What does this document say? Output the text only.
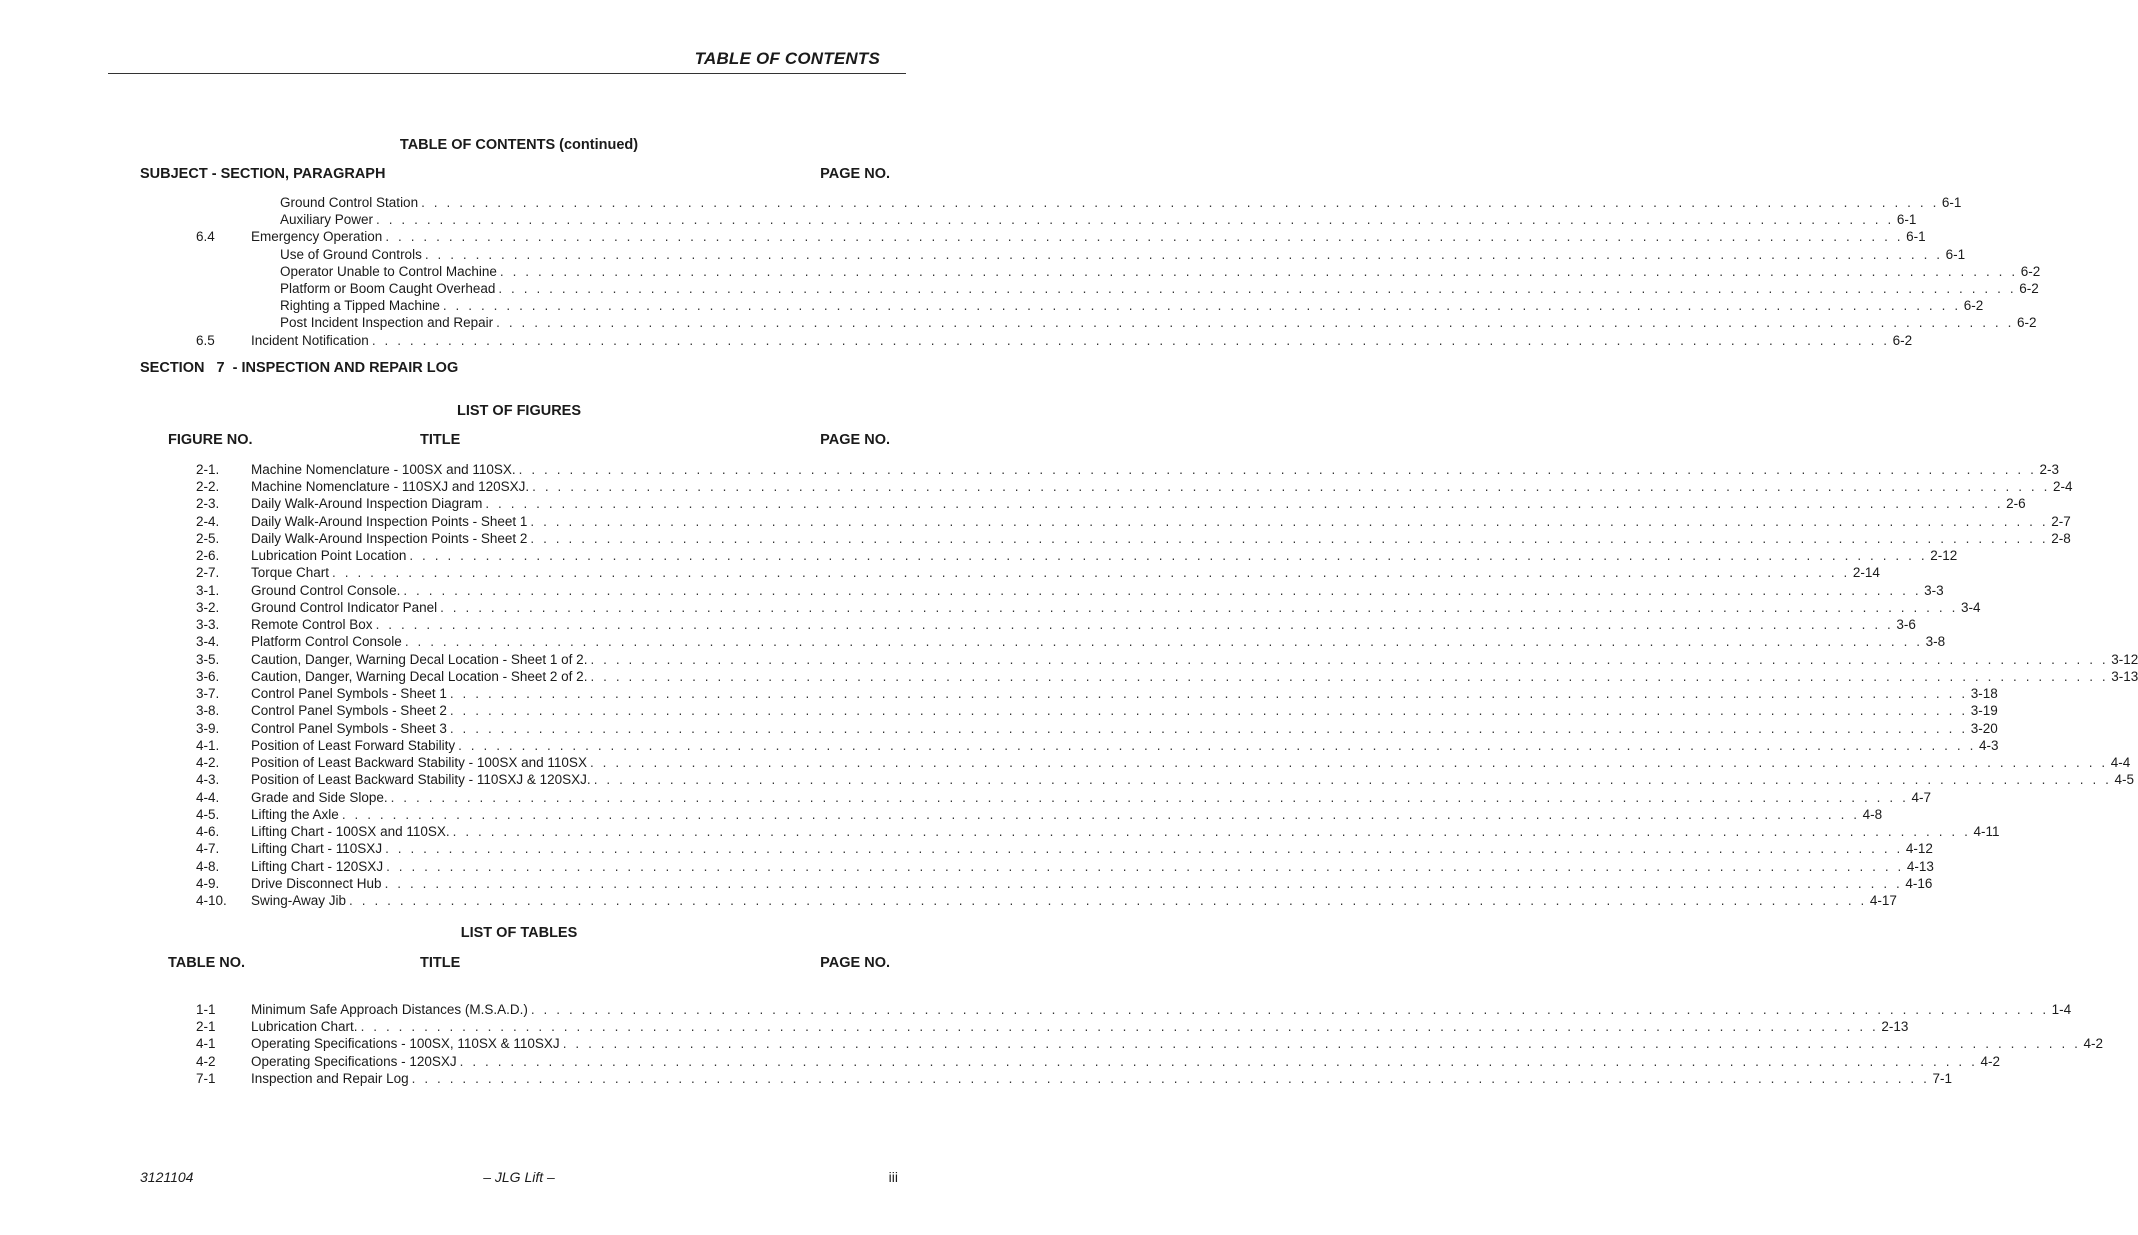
TABLE OF CONTENTS
TABLE OF CONTENTS (continued)
SUBJECT - SECTION, PARAGRAPH	PAGE NO.
Ground Control Station . . . . . . . . . . . . . . . . . . . . . . . . . . . . . . . . . . . . . . . . . . . . . . . . . . . . . . . . . . . . . . . . . . . . . . . . . . . . . . . . . . . . . . . . . . . . . . . . . . . . . . . . . . . . . . . . . . . . . . . . 6-1
Auxiliary Power . . . . . . . . . . . . . . . . . . . . . . . . . . . . . . . . . . . . . . . . . . . . . . . . . . . . . . . . . . . . . . . . . . . . . . . . . . . . . . . . . . . . . . . . . . . . . . . . . . . . . . . . . . . . . . . . . . . . . . . . 6-1
6.4	Emergency Operation . . . . . . . . . . . . . . . . . . . . . . . . . . . . . . . . . . . . . . . . . . . . . . . . . . . . . . . . . . . . . . . . . . . . . . . . . . . . . . . . . . . . . . . . . . . . . . . . . . . . . . . . . . . . . . . . . . . . . . . . 6-1
Use of Ground Controls . . . . . . . . . . . . . . . . . . . . . . . . . . . . . . . . . . . . . . . . . . . . . . . . . . . . . . . . . . . . . . . . . . . . . . . . . . . . . . . . . . . . . . . . . . . . . . . . . . . . . . . . . . . . . . . . . . . . . . . . 6-1
Operator Unable to Control Machine . . . . . . . . . . . . . . . . . . . . . . . . . . . . . . . . . . . . . . . . . . . . . . . . . . . . . . . . . . . . . . . . . . . . . . . . . . . . . . . . . . . . . . . . . . . . . . . . . . . . . . . . . . . . . . . . . . . . . . . . 6-2
Platform or Boom Caught Overhead . . . . . . . . . . . . . . . . . . . . . . . . . . . . . . . . . . . . . . . . . . . . . . . . . . . . . . . . . . . . . . . . . . . . . . . . . . . . . . . . . . . . . . . . . . . . . . . . . . . . . . . . . . . . . . . . . . . . . . . . 6-2
Righting a Tipped Machine . . . . . . . . . . . . . . . . . . . . . . . . . . . . . . . . . . . . . . . . . . . . . . . . . . . . . . . . . . . . . . . . . . . . . . . . . . . . . . . . . . . . . . . . . . . . . . . . . . . . . . . . . . . . . . . . . . . . . . . . 6-2
Post Incident Inspection and Repair . . . . . . . . . . . . . . . . . . . . . . . . . . . . . . . . . . . . . . . . . . . . . . . . . . . . . . . . . . . . . . . . . . . . . . . . . . . . . . . . . . . . . . . . . . . . . . . . . . . . . . . . . . . . . . . . . . . . . . . . 6-2
6.5	Incident Notification . . . . . . . . . . . . . . . . . . . . . . . . . . . . . . . . . . . . . . . . . . . . . . . . . . . . . . . . . . . . . . . . . . . . . . . . . . . . . . . . . . . . . . . . . . . . . . . . . . . . . . . . . . . . . . . . . . . . . . . . 6-2
SECTION   7  - INSPECTION AND REPAIR LOG
LIST OF FIGURES
FIGURE NO.	TITLE	PAGE NO.
2-1. Machine Nomenclature - 100SX and 110SX. . . . . . . . . . . . . . . . . . . . . . . . . . . . . . . . . . . . . . . . . . . . . . . . . . . . . . . . . . . . . . . . . . . . . . . . . . . . . . . . . . . . . . . . . . . . . . . . . . . . . . . . . . . . . . . . . . . . . . . . . 2-3
2-2. Machine Nomenclature - 110SXJ and 120SXJ. . . . . . . . . . . . . . . . . . . . . . . . . . . . . . . . . . . . . . . . . . . . . . . . . . . . . . . . . . . . . . . . . . . . . . . . . . . . . . . . . . . . . . . . . . . . . . . . . . . . . . . . . . . . . . . . . . . . . . . . . 2-4
2-3. Daily Walk-Around Inspection Diagram . . . . . . . . . . . . . . . . . . . . . . . . . . . . . . . . . . . . . . . . . . . . . . . . . . . . . . . . . . . . . . . . . . . . . . . . . . . . . . . . . . . . . . . . . . . . . . . . . . . . . . . . . . . . . . . . . . . . . . . . 2-6
2-4. Daily Walk-Around Inspection Points - Sheet 1 . . . . . . . . . . . . . . . . . . . . . . . . . . . . . . . . . . . . . . . . . . . . . . . . . . . . . . . . . . . . . . . . . . . . . . . . . . . . . . . . . . . . . . . . . . . . . . . . . . . . . . . . . . . . . . . . . . . . . . . . 2-7
2-5. Daily Walk-Around Inspection Points - Sheet 2 . . . . . . . . . . . . . . . . . . . . . . . . . . . . . . . . . . . . . . . . . . . . . . . . . . . . . . . . . . . . . . . . . . . . . . . . . . . . . . . . . . . . . . . . . . . . . . . . . . . . . . . . . . . . . . . . . . . . . . . . 2-8
2-6. Lubrication Point Location . . . . . . . . . . . . . . . . . . . . . . . . . . . . . . . . . . . . . . . . . . . . . . . . . . . . . . . . . . . . . . . . . . . . . . . . . . . . . . . . . . . . . . . . . . . . . . . . . . . . . . . . . . . . . . . . . . . . . . . . 2-12
2-7. Torque Chart . . . . . . . . . . . . . . . . . . . . . . . . . . . . . . . . . . . . . . . . . . . . . . . . . . . . . . . . . . . . . . . . . . . . . . . . . . . . . . . . . . . . . . . . . . . . . . . . . . . . . . . . . . . . . . . . . . . . . . . . 2-14
3-1. Ground Control Console. . . . . . . . . . . . . . . . . . . . . . . . . . . . . . . . . . . . . . . . . . . . . . . . . . . . . . . . . . . . . . . . . . . . . . . . . . . . . . . . . . . . . . . . . . . . . . . . . . . . . . . . . . . . . . . . . . . . . . . . . 3-3
3-2. Ground Control Indicator Panel . . . . . . . . . . . . . . . . . . . . . . . . . . . . . . . . . . . . . . . . . . . . . . . . . . . . . . . . . . . . . . . . . . . . . . . . . . . . . . . . . . . . . . . . . . . . . . . . . . . . . . . . . . . . . . . . . . . . . . . . 3-4
3-3. Remote Control Box . . . . . . . . . . . . . . . . . . . . . . . . . . . . . . . . . . . . . . . . . . . . . . . . . . . . . . . . . . . . . . . . . . . . . . . . . . . . . . . . . . . . . . . . . . . . . . . . . . . . . . . . . . . . . . . . . . . . . . . . 3-6
3-4. Platform Control Console . . . . . . . . . . . . . . . . . . . . . . . . . . . . . . . . . . . . . . . . . . . . . . . . . . . . . . . . . . . . . . . . . . . . . . . . . . . . . . . . . . . . . . . . . . . . . . . . . . . . . . . . . . . . . . . . . . . . . . . . 3-8
3-5. Caution, Danger, Warning Decal Location - Sheet 1 of 2. . . . . . . . . . . . . . . . . . . . . . . . . . . . . . . . . . . . . . . . . . . . . . . . . . . . . . . . . . . . . . . . . . . . . . . . . . . . . . . . . . . . . . . . . . . . . . . . . . . . . . . . . . . . . . . . . . . . . . . . . 3-12
3-6. Caution, Danger, Warning Decal Location - Sheet 2 of 2. . . . . . . . . . . . . . . . . . . . . . . . . . . . . . . . . . . . . . . . . . . . . . . . . . . . . . . . . . . . . . . . . . . . . . . . . . . . . . . . . . . . . . . . . . . . . . . . . . . . . . . . . . . . . . . . . . . . . . . . . 3-13
3-7. Control Panel Symbols - Sheet 1 . . . . . . . . . . . . . . . . . . . . . . . . . . . . . . . . . . . . . . . . . . . . . . . . . . . . . . . . . . . . . . . . . . . . . . . . . . . . . . . . . . . . . . . . . . . . . . . . . . . . . . . . . . . . . . . . . . . . . . . . 3-18
3-8. Control Panel Symbols - Sheet 2 . . . . . . . . . . . . . . . . . . . . . . . . . . . . . . . . . . . . . . . . . . . . . . . . . . . . . . . . . . . . . . . . . . . . . . . . . . . . . . . . . . . . . . . . . . . . . . . . . . . . . . . . . . . . . . . . . . . . . . . . 3-19
3-9. Control Panel Symbols - Sheet 3 . . . . . . . . . . . . . . . . . . . . . . . . . . . . . . . . . . . . . . . . . . . . . . . . . . . . . . . . . . . . . . . . . . . . . . . . . . . . . . . . . . . . . . . . . . . . . . . . . . . . . . . . . . . . . . . . . . . . . . . . 3-20
4-1. Position of Least Forward Stability . . . . . . . . . . . . . . . . . . . . . . . . . . . . . . . . . . . . . . . . . . . . . . . . . . . . . . . . . . . . . . . . . . . . . . . . . . . . . . . . . . . . . . . . . . . . . . . . . . . . . . . . . . . . . . . . . . . . . . . . 4-3
4-2. Position of Least Backward Stability - 100SX and 110SX . . . . . . . . . . . . . . . . . . . . . . . . . . . . . . . . . . . . . . . . . . . . . . . . . . . . . . . . . . . . . . . . . . . . . . . . . . . . . . . . . . . . . . . . . . . . . . . . . . . . . . . . . . . . . . . . . . . . . . . . 4-4
4-3. Position of Least Backward Stability - 110SXJ & 120SXJ. . . . . . . . . . . . . . . . . . . . . . . . . . . . . . . . . . . . . . . . . . . . . . . . . . . . . . . . . . . . . . . . . . . . . . . . . . . . . . . . . . . . . . . . . . . . . . . . . . . . . . . . . . . . . . . . . . . . . . . . . 4-5
4-4. Grade and Side Slope. . . . . . . . . . . . . . . . . . . . . . . . . . . . . . . . . . . . . . . . . . . . . . . . . . . . . . . . . . . . . . . . . . . . . . . . . . . . . . . . . . . . . . . . . . . . . . . . . . . . . . . . . . . . . . . . . . . . . . . . . 4-7
4-5. Lifting the Axle . . . . . . . . . . . . . . . . . . . . . . . . . . . . . . . . . . . . . . . . . . . . . . . . . . . . . . . . . . . . . . . . . . . . . . . . . . . . . . . . . . . . . . . . . . . . . . . . . . . . . . . . . . . . . . . . . . . . . . . . 4-8
4-6. Lifting Chart - 100SX and 110SX. . . . . . . . . . . . . . . . . . . . . . . . . . . . . . . . . . . . . . . . . . . . . . . . . . . . . . . . . . . . . . . . . . . . . . . . . . . . . . . . . . . . . . . . . . . . . . . . . . . . . . . . . . . . . . . . . . . . . . . . . 4-11
4-7. Lifting Chart - 110SXJ . . . . . . . . . . . . . . . . . . . . . . . . . . . . . . . . . . . . . . . . . . . . . . . . . . . . . . . . . . . . . . . . . . . . . . . . . . . . . . . . . . . . . . . . . . . . . . . . . . . . . . . . . . . . . . . . . . . . . . . . 4-12
4-8. Lifting Chart - 120SXJ . . . . . . . . . . . . . . . . . . . . . . . . . . . . . . . . . . . . . . . . . . . . . . . . . . . . . . . . . . . . . . . . . . . . . . . . . . . . . . . . . . . . . . . . . . . . . . . . . . . . . . . . . . . . . . . . . . . . . . . . 4-13
4-9. Drive Disconnect Hub . . . . . . . . . . . . . . . . . . . . . . . . . . . . . . . . . . . . . . . . . . . . . . . . . . . . . . . . . . . . . . . . . . . . . . . . . . . . . . . . . . . . . . . . . . . . . . . . . . . . . . . . . . . . . . . . . . . . . . . . 4-16
4-10. Swing-Away Jib . . . . . . . . . . . . . . . . . . . . . . . . . . . . . . . . . . . . . . . . . . . . . . . . . . . . . . . . . . . . . . . . . . . . . . . . . . . . . . . . . . . . . . . . . . . . . . . . . . . . . . . . . . . . . . . . . . . . . . . . 4-17
LIST OF TABLES
TABLE NO.	TITLE	PAGE NO.
1-1	Minimum Safe Approach Distances (M.S.A.D.) . . . . . . . . . . . . . . . . . . . . . . . . . . . . . . . . . . . . . . . . . . . . . . . . . . . . . . . . . . . . . . . . . . . . . . . . . . . . . . . . . . . . . . . . . . . . . . . . . . . . . . . . . . . . . . . . . . . . . . . . 1-4
2-1	Lubrication Chart. . . . . . . . . . . . . . . . . . . . . . . . . . . . . . . . . . . . . . . . . . . . . . . . . . . . . . . . . . . . . . . . . . . . . . . . . . . . . . . . . . . . . . . . . . . . . . . . . . . . . . . . . . . . . . . . . . . . . . . . . 2-13
4-1	Operating Specifications - 100SX, 110SX & 110SXJ . . . . . . . . . . . . . . . . . . . . . . . . . . . . . . . . . . . . . . . . . . . . . . . . . . . . . . . . . . . . . . . . . . . . . . . . . . . . . . . . . . . . . . . . . . . . . . . . . . . . . . . . . . . . . . . . . . . . . . . . 4-2
4-2	Operating Specifications - 120SXJ . . . . . . . . . . . . . . . . . . . . . . . . . . . . . . . . . . . . . . . . . . . . . . . . . . . . . . . . . . . . . . . . . . . . . . . . . . . . . . . . . . . . . . . . . . . . . . . . . . . . . . . . . . . . . . . . . . . . . . . . 4-2
7-1	Inspection and Repair Log . . . . . . . . . . . . . . . . . . . . . . . . . . . . . . . . . . . . . . . . . . . . . . . . . . . . . . . . . . . . . . . . . . . . . . . . . . . . . . . . . . . . . . . . . . . . . . . . . . . . . . . . . . . . . . . . . . . . . . . . 7-1
3121104	– JLG Lift –	iii
